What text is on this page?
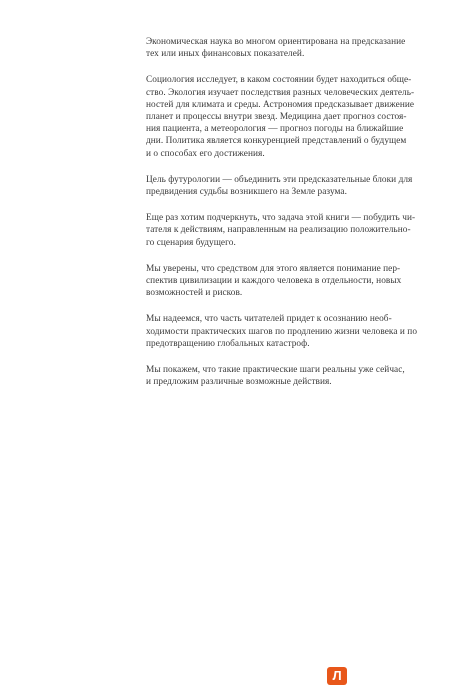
Экономическая наука во многом ориентирована на предсказание
тех или иных финансовых показателей.

Социология исследует, в каком состоянии будет находиться обще-
ство. Экология изучает последствия разных человеческих деятель-
ностей для климата и среды. Астрономия предсказывает движение
планет и процессы внутри звезд. Медицина дает прогноз состоя-
ния пациента, а метеорология — прогноз погоды на ближайшие
дни. Политика является конкуренцией представлений о будущем
и о способах его достижения.

Цель футурологии — объединить эти предсказательные блоки для
предвидения судьбы возникшего на Земле разума.

Еще раз хотим подчеркнуть, что задача этой книги — побудить чи-
тателя к действиям, направленным на реализацию положительно-
го сценария будущего.

Мы уверены, что средством для этого является понимание пер-
спектив цивилизации и каждого человека в отдельности, новых
возможностей и рисков.

Мы надеемся, что часть читателей придет к осознанию необ-
ходимости практических шагов по продлению жизни человека и по
предотвращению глобальных катастроф.

Мы покажем, что такие практические шаги реальны уже сейчас,
и предложим различные возможные действия.

Л
